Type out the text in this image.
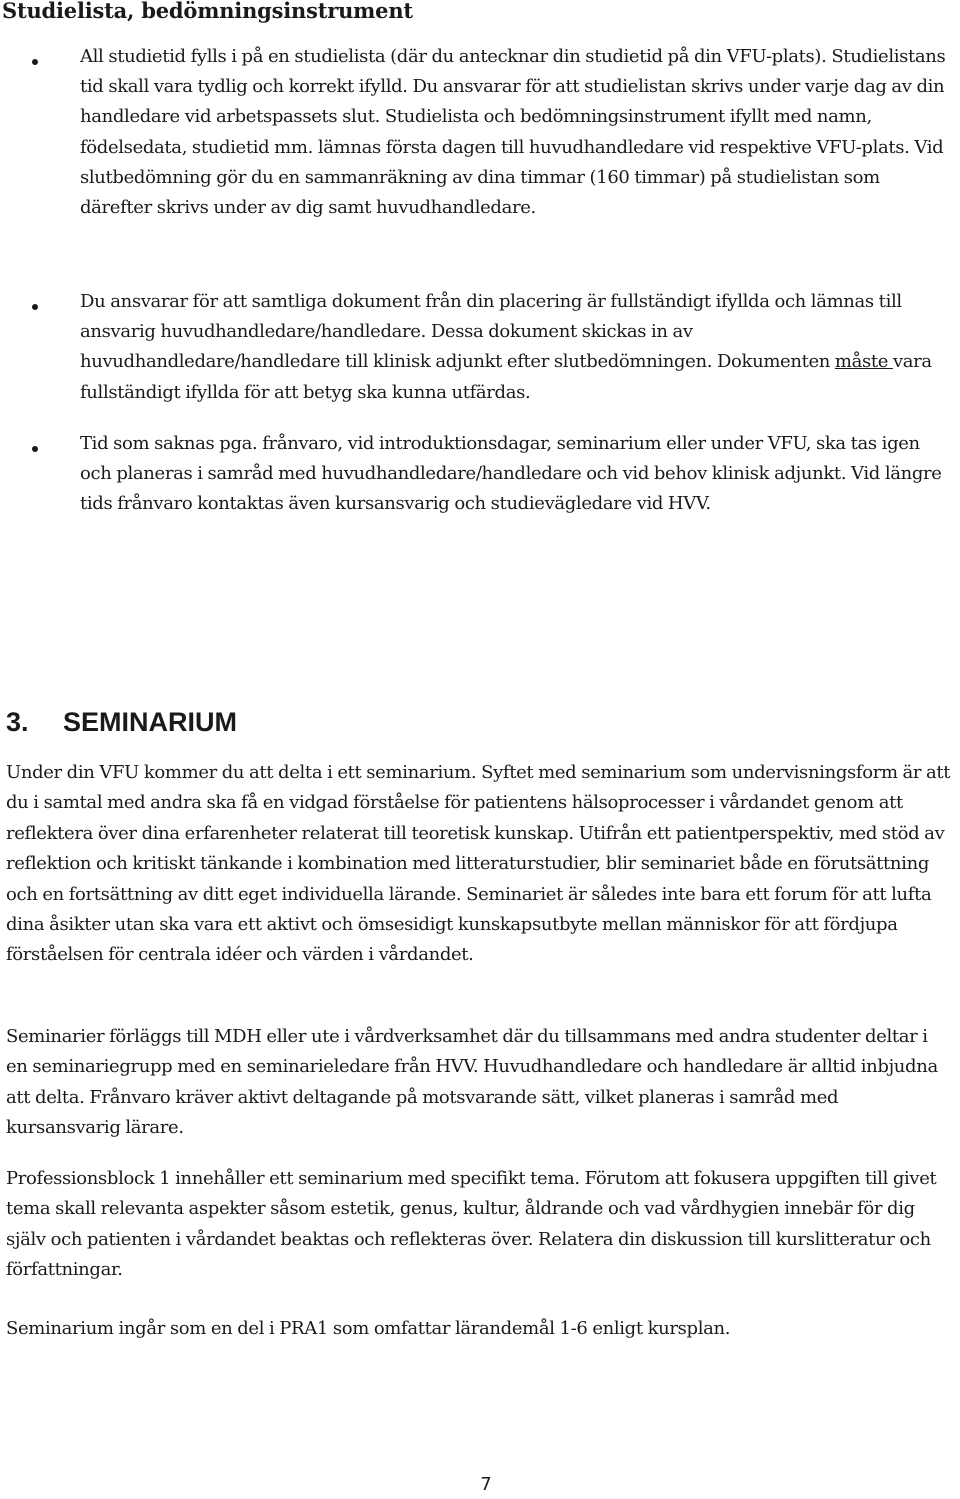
Studielista, bedömningsinstrument
All studietid fylls i på en studielista (där du antecknar din studietid på din VFU-plats). Studielistans tid skall vara tydlig och korrekt ifylld. Du ansvarar för att studielistan skrivs under varje dag av din handledare vid arbetspassets slut. Studielista och bedömningsinstrument ifyllt med namn, födelsedata, studietid mm. lämnas första dagen till huvudhandledare vid respektive VFU-plats. Vid slutbedömning gör du en sammanräkning av dina timmar (160 timmar) på studielistan som därefter skrivs under av dig samt huvudhandledare.
Du ansvarar för att samtliga dokument från din placering är fullständigt ifyllda och lämnas till ansvarig huvudhandledare/handledare. Dessa dokument skickas in av huvudhandledare/handledare till klinisk adjunkt efter slutbedömningen. Dokumenten måste vara fullständigt ifyllda för att betyg ska kunna utfärdas.
Tid som saknas pga. frånvaro, vid introduktionsdagar, seminarium eller under VFU, ska tas igen och planeras i samråd med huvudhandledare/handledare och vid behov klinisk adjunkt. Vid längre tids frånvaro kontaktas även kursansvarig och studievägledare vid HVV.
3. SEMINARIUM
Under din VFU kommer du att delta i ett seminarium. Syftet med seminarium som undervisningsform är att du i samtal med andra ska få en vidgad förståelse för patientens hälsoprocesser i vårdandet genom att reflektera över dina erfarenheter relaterat till teoretisk kunskap. Utifrån ett patientperspektiv, med stöd av reflektion och kritiskt tänkande i kombination med litteraturstudier, blir seminariet både en förutsättning och en fortsättning av ditt eget individuella lärande. Seminariet är således inte bara ett forum för att lufta dina åsikter utan ska vara ett aktivt och ömsesidigt kunskapsutbyte mellan människor för att fördjupa förståelsen för centrala idéer och värden i vårdandet.
Seminarier förläggs till MDH eller ute i vårdverksamhet där du tillsammans med andra studenter deltar i en seminariegrupp med en seminarieledare från HVV. Huvudhandledare och handledare är alltid inbjudna att delta. Frånvaro kräver aktivt deltagande på motsvarande sätt, vilket planeras i samråd med kursansvarig lärare.
Professionsblock 1 innehåller ett seminarium med specifikt tema. Förutom att fokusera uppgiften till givet tema skall relevanta aspekter såsom estetik, genus, kultur, åldrande och vad vårdhygien innebär för dig själv och patienten i vårdandet beaktas och reflekteras över. Relatera din diskussion till kurslitteratur och författningar.
Seminarium ingår som en del i PRA1 som omfattar lärandemål 1-6 enligt kursplan.
7
